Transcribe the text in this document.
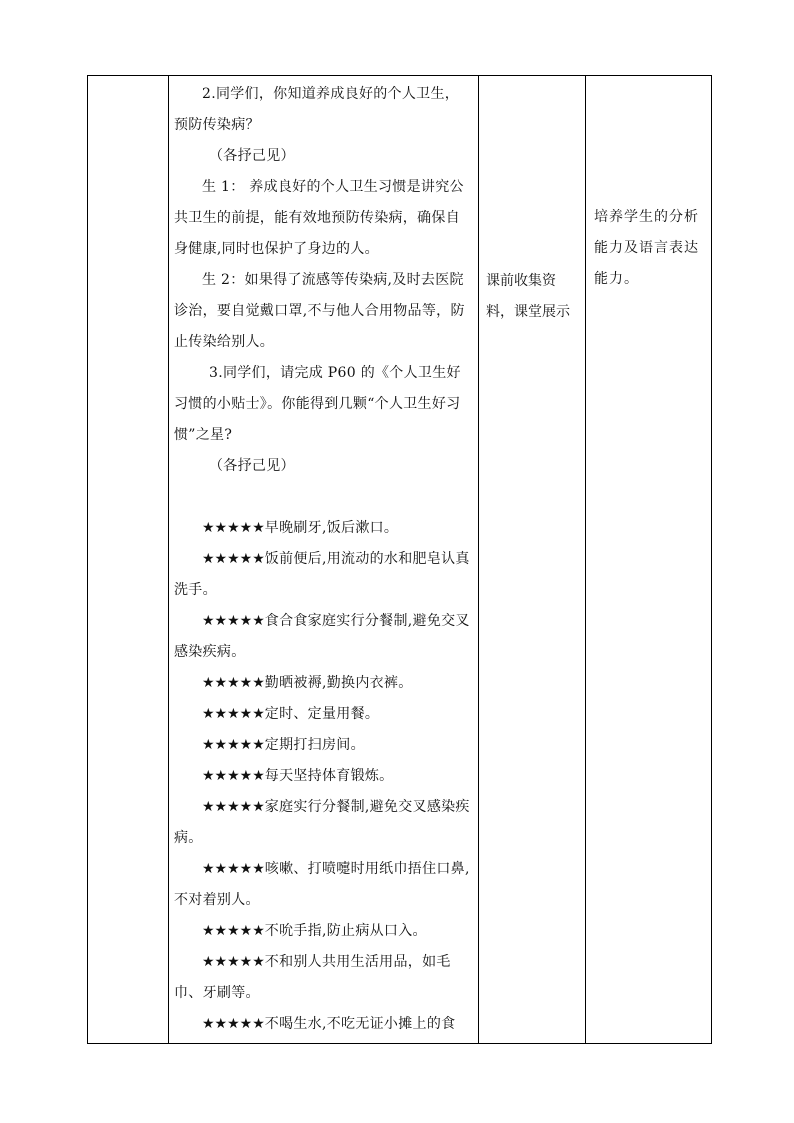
2.同学们，你知道养成良好的个人卫生，预防传染病？

（各抒己见）

生 1： 养成良好的个人卫生习惯是讲究公共卫生的前提，能有效地预防传染病，确保自身健康,同时也保护了身边的人。

生 2：如果得了流感等传染病,及时去医院诊治，要自觉戴口罩,不与他人合用物品等，防止传染给别人。

3.同学们，请完成 P60 的《个人卫生好习惯的小贴士》。你能得到几颗“个人卫生好习惯”之星?

（各抒己见）

★★★★★早晚刷牙,饭后漱口。
★★★★★饭前便后,用流动的水和肥皂认真洗手。
★★★★★食合食家庭实行分餐制,避免交叉感染疾病。
★★★★★勤晒被褥,勤换内衣裤。
★★★★★定时、定量用餐。
★★★★★定期打扫房间。
★★★★★每天坚持体育锻炼。
★★★★★家庭实行分餐制,避免交叉感染疾病。
★★★★★咳嗽、打喷嚏时用纸巾捂住口鼻,不对着别人。
★★★★★不吮手指,防止病从口入。
★★★★★不和别人共用生活用品，如毛巾、牙刷等。
★★★★★不喝生水,不吃无证小摊上的食

课前收集资料，课堂展示

培养学生的分析能力及语言表达能力。
